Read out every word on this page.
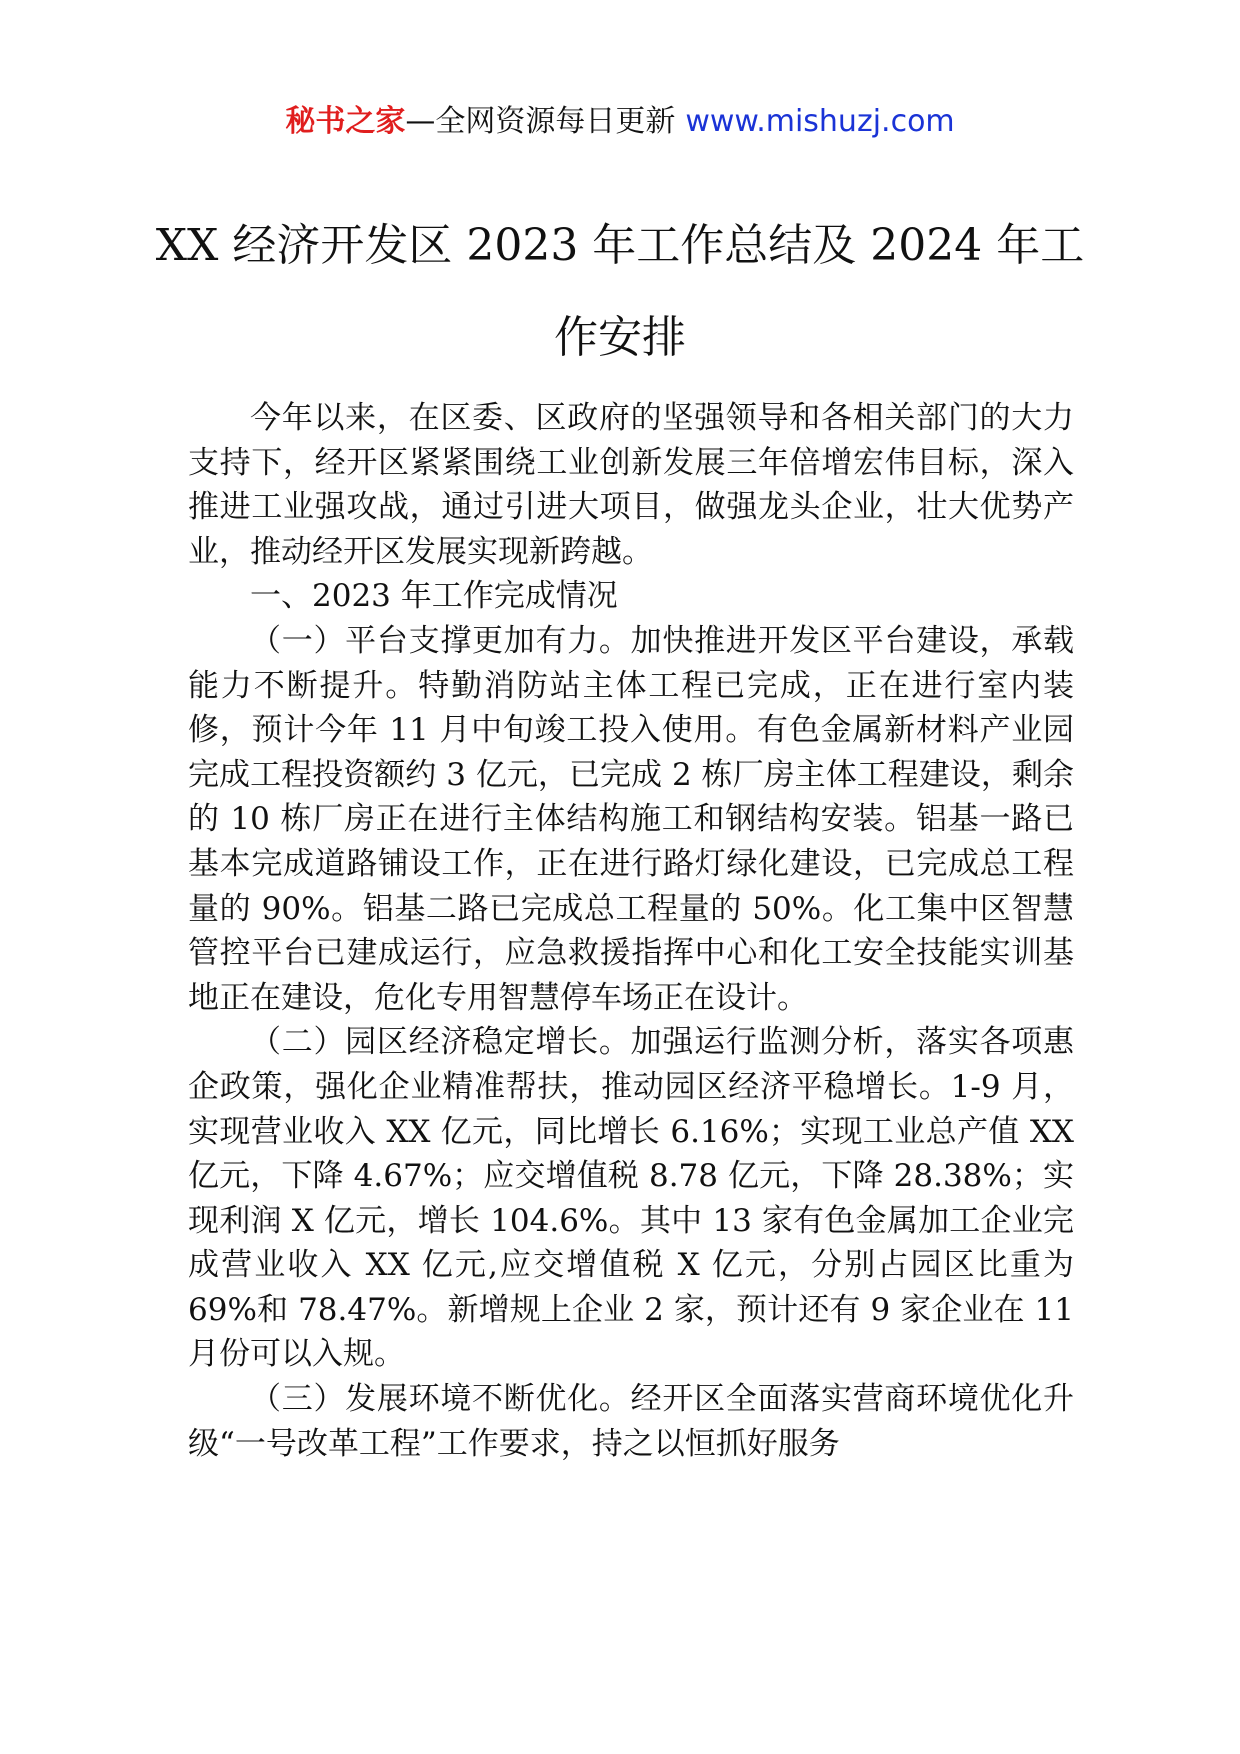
秘书之家—全网资源每日更新 www.mishuzj.com
XX 经济开发区 2023 年工作总结及 2024 年工作安排

今年以来，在区委、区政府的坚强领导和各相关部门的大力支持下，经开区紧紧围绕工业创新发展三年倍增宏伟目标，深入推进工业强攻战，通过引进大项目，做强龙头企业，壮大优势产业，推动经开区发展实现新跨越。

一、2023 年工作完成情况

（一）平台支撑更加有力。加快推进开发区平台建设，承载能力不断提升。特勤消防站主体工程已完成，正在进行室内装修，预计今年 11 月中旬竣工投入使用。有色金属新材料产业园完成工程投资额约 3 亿元，已完成 2 栋厂房主体工程建设，剩余的 10 栋厂房正在进行主体结构施工和钢结构安装。铝基一路已基本完成道路铺设工作，正在进行路灯绿化建设，已完成总工程量的 90%。铝基二路已完成总工程量的 50%。化工集中区智慧管控平台已建成运行，应急救援指挥中心和化工安全技能实训基地正在建设，危化专用智慧停车场正在设计。

（二）园区经济稳定增长。加强运行监测分析，落实各项惠企政策，强化企业精准帮扶，推动园区经济平稳增长。1-9 月，实现营业收入 XX 亿元，同比增长 6.16%；实现工业总产值 XX 亿元，下降 4.67%；应交增值税 8.78 亿元，下降 28.38%；实现利润 X 亿元，增长 104.6%。其中 13 家有色金属加工企业完成营业收入 XX 亿元,应交增值税 X 亿元，分别占园区比重为 69%和 78.47%。新增规上企业 2 家，预计还有 9 家企业在 11 月份可以入规。

（三）发展环境不断优化。经开区全面落实营商环境优化升级“一号改革工程”工作要求，持之以恒抓好服务
